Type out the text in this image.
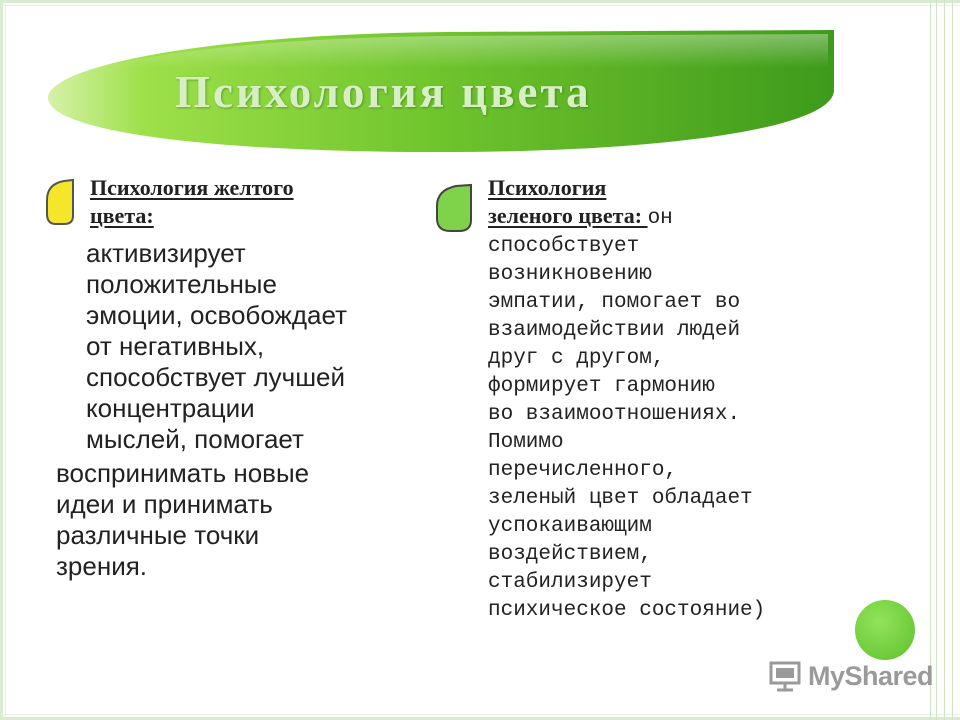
Психология цвета
Психология желтого
цвета:
активизирует
положительные
эмоции, освобождает
от негативных,
способствует лучшей
концентрации
мыслей, помогает
воспринимать новые
идеи и принимать
различные точки
зрения.
Психология
зеленого цвета: он
способствует
возникновению
эмпатии, помогает во
взаимодействии людей
друг с другом,
формирует гармонию
во взаимоотношениях.
Помимо
перечисленного,
зеленый цвет обладает
успокаивающим
воздействием,
стабилизирует
психическое состояние)
MyShared
